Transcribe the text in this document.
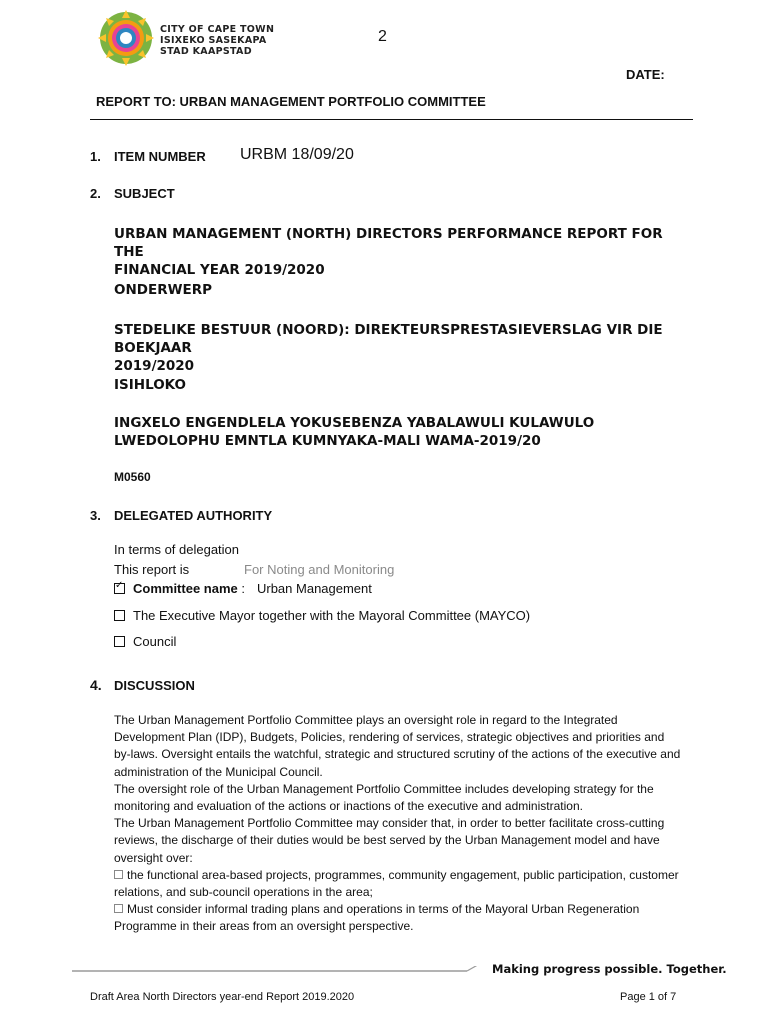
CITY OF CAPE TOWN
ISIXEKO SASEKAPA
STAD KAAPSTAD
2
DATE:
REPORT TO: URBAN MANAGEMENT PORTFOLIO COMMITTEE
1. ITEM NUMBER URBM 18/09/20
2. SUBJECT
URBAN MANAGEMENT (NORTH) DIRECTORS PERFORMANCE REPORT FOR THE
FINANCIAL YEAR 2019/2020
ONDERWERP
STEDELIKE BESTUUR (NOORD): DIREKTEURSPRESTASIEVERSLAG VIR DIE BOEKJAAR
2019/2020
ISIHLOKO
INGXELO ENGENDLELA YOKUSEBENZA YABALAWULI KULAWULO
LWEDOLOPHU EMNTLA KUMNYAKA-MALI WAMA-2019/20
M0560
3. DELEGATED AUTHORITY
In terms of delegation
This report is	For Noting and Monitoring
✓Committee name : Urban Management
The Executive Mayor together with the Mayoral Committee (MAYCO)
Council
4. DISCUSSION

The Urban Management Portfolio Committee plays an oversight role in regard to the Integrated Development Plan (IDP), Budgets, Policies, rendering of services, strategic objectives and priorities and by-laws. Oversight entails the watchful, strategic and structured scrutiny of the actions of the executive and administration of the Municipal Council.

The oversight role of the Urban Management Portfolio Committee includes developing strategy for the monitoring and evaluation of the actions or inactions of the executive and administration.

The Urban Management Portfolio Committee may consider that, in order to better facilitate cross-cutting reviews, the discharge of their duties would be best served by the Urban Management model and have oversight over:

the functional area-based projects, programmes, community engagement, public participation, customer relations, and sub-council operations in the area;

Must consider informal trading plans and operations in terms of the Mayoral Urban Regeneration Programme in their areas from an oversight perspective.

Making progress possible. Together.
Draft Area North Directors year-end Report 2019.2020	Page 1 of 7
